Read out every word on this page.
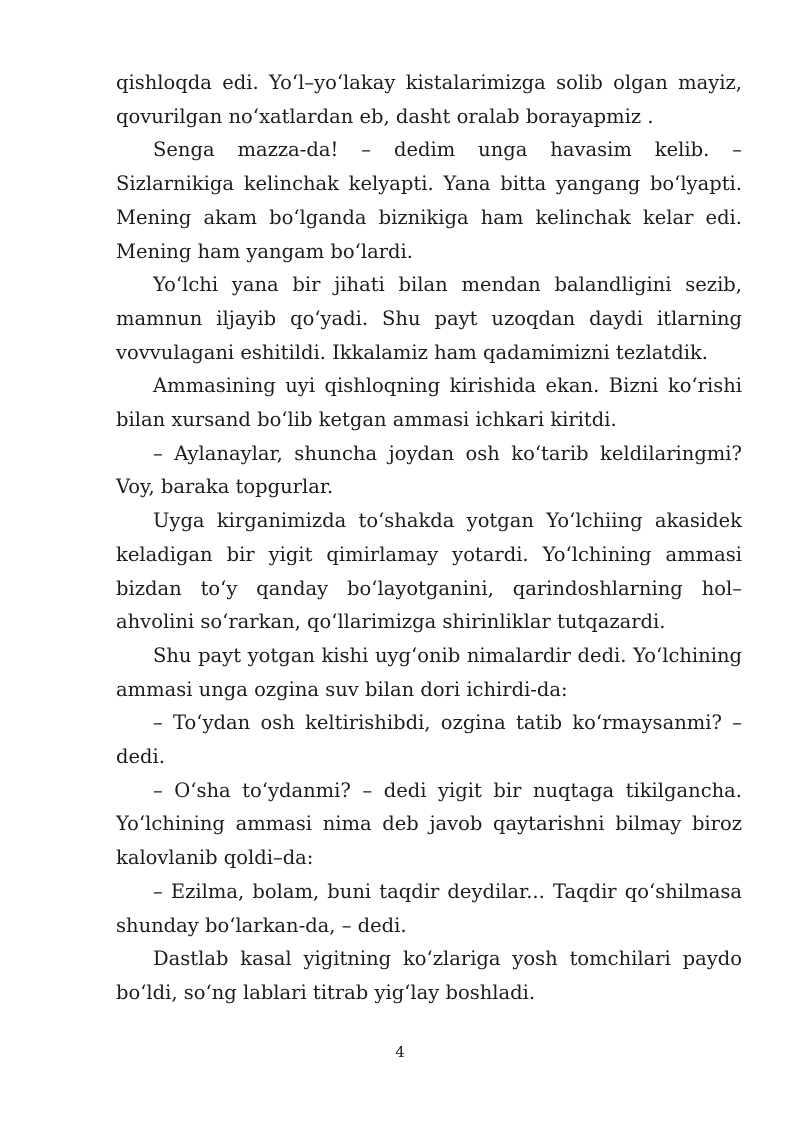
qishloqda edi. Yo‘l–yo‘lakay kistalarimizga solib olgan mayiz, qovurilgan no‘xatlardan eb, dasht oralab borayapmiz .

Senga mazza-da! – dedim unga havasim kelib. – Sizlarnikiga kelinchak kelyapti. Yana bitta yangang bo‘lyapti. Mening akam bo‘lganda biznikiga ham kelinchak kelar edi. Mening ham yangam bo‘lardi.

Yo‘lchi yana bir jihati bilan mendan balandligini sezib, mamnun iljayib qo‘yadi. Shu payt uzoqdan daydi itlarning vovvulagani eshitildi. Ikkalamiz ham qadamimizni tezlatdik.

Ammasining uyi qishloqning kirishida ekan. Bizni ko‘rishi bilan xursand bo‘lib ketgan ammasi ichkari kiritdi.

– Aylanaylar, shuncha joydan osh ko‘tarib keldilaringmi? Voy, baraka topgurlar.

Uyga kirganimizda to‘shakda yotgan Yo‘lchiing akasidek keladigan bir yigit qimirlamay yotardi. Yo‘lchining ammasi bizdan to‘y qanday bo‘layotganini, qarindoshlarning hol–ahvolini so‘rarkan, qo‘llarimizga shirinliklar tutqazardi.

Shu payt yotgan kishi uyg‘onib nimalardir dedi. Yo‘lchining ammasi unga ozgina suv bilan dori ichirdi-da:

– To‘ydan osh keltirishibdi, ozgina tatib ko‘rmaysanmi? – dedi.

– O‘sha to‘ydanmi? – dedi yigit bir nuqtaga tikilgancha. Yo‘lchining ammasi nima deb javob qaytarishni bilmay biroz kalovlanib qoldi–da:

– Ezilma, bolam, buni taqdir deydilar... Taqdir qo‘shilmasa shunday bo‘larkan-da, – dedi.

Dastlab kasal yigitning ko‘zlariga yosh tomchilari paydo bo‘ldi, so‘ng lablari titrab yig‘lay boshladi.

4
